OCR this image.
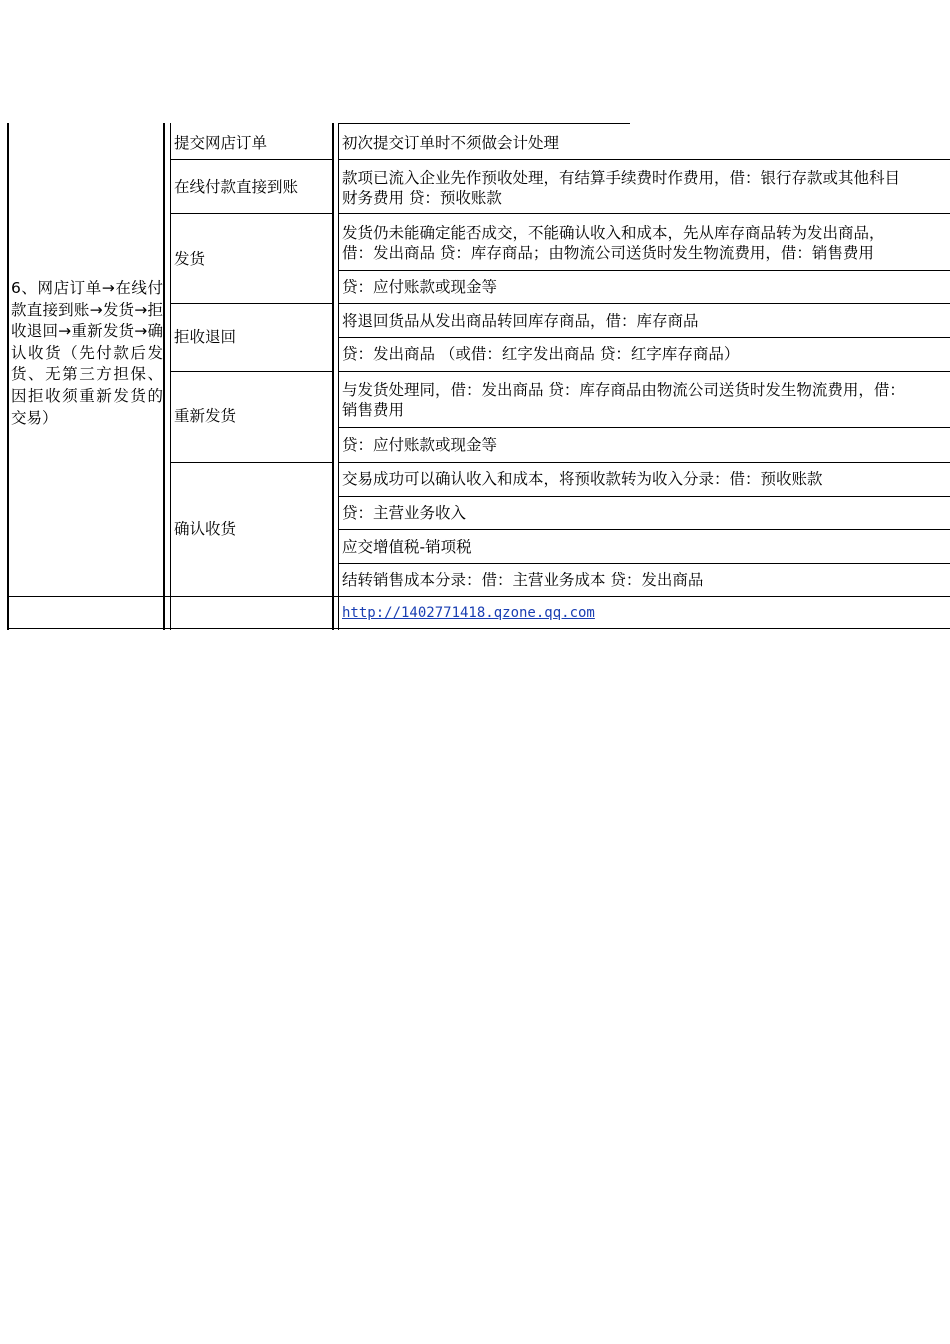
6、网店订单→在线付款直接到账→发货→拒收退回→重新发货→确认收货（先付款后发货、无第三方担保、因拒收须重新发货的交易）
提交网店订单
在线付款直接到账
发货
拒收退回
重新发货
确认收货
初次提交订单时不须做会计处理
款项已流入企业先作预收处理，有结算手续费时作费用，借：银行存款或其他科目
财务费用 贷：预收账款
发货仍未能确定能否成交，不能确认收入和成本，先从库存商品转为发出商品，
借：发出商品 贷：库存商品；由物流公司送货时发生物流费用，借：销售费用
贷：应付账款或现金等
将退回货品从发出商品转回库存商品，借：库存商品
贷：发出商品 （或借：红字发出商品 贷：红字库存商品）
与发货处理同，借：发出商品 贷：库存商品由物流公司送货时发生物流费用，借：
销售费用
贷：应付账款或现金等
交易成功可以确认收入和成本，将预收款转为收入分录：借：预收账款
贷：主营业务收入
应交增值税-销项税
结转销售成本分录：借：主营业务成本 贷：发出商品
http://1402771418.qzone.qq.com
